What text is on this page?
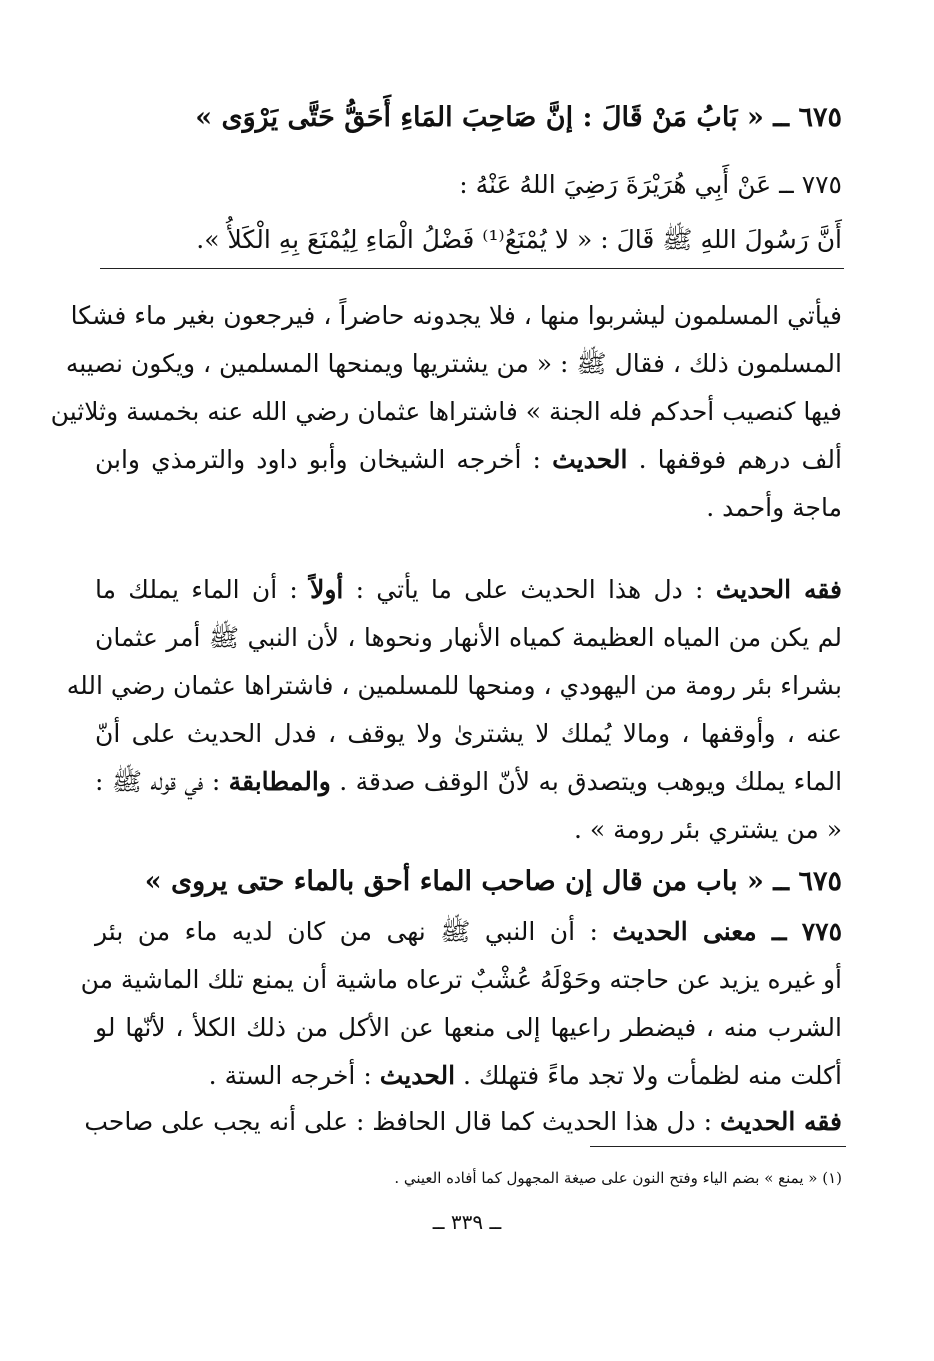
٦٧٥ ــ « بَابُ مَنْ قَالَ : إنَّ صَاحِبَ المَاءِ أَحَقُّ حَتَّى يَرْوَى »
٧٧٥ ــ عَنْ أَبِي هُرَيْرَةَ رَضِيَ اللهُ عَنْهُ :
أَنَّ رَسُولَ اللهِ ﷺ قَالَ : « لا يُمْنَعُ⁽¹⁾ فَضْلُ الْمَاءِ لِيُمْنَعَ بِهِ الْكَلأُ ».
فيأتي المسلمون ليشربوا منها ، فلا يجدونه حاضراً ، فيرجعون بغير ماء فشكا
المسلمون ذلك ، فقال ﷺ : « من يشتريها ويمنحها المسلمين ، ويكون نصيبه
فيها كنصيب أحدكم فله الجنة » فاشتراها عثمان رضي الله عنه بخمسة وثلاثين
ألف درهم فوقفها . الحديث : أخرجه الشيخان وأبو داود والترمذي وابن
ماجة وأحمد .
فقه الحديث : دل هذا الحديث على ما يأتي : أولاً : أن الماء يملك ما
لم يكن من المياه العظيمة كمياه الأنهار ونحوها ، لأن النبي ﷺ أمر عثمان
بشراء بئر رومة من اليهودي ، ومنحها للمسلمين ، فاشتراها عثمان رضي الله
عنه ، وأوقفها ، ومالا يُملك لا يشترىٰ ولا يوقف ، فدل الحديث على أنّ
الماء يملك ويوهب ويتصدق به لأنّ الوقف صدقة . والمطابقة : في قوله ﷺ :
« من يشتري بئر رومة » .
٦٧٥ ــ « باب من قال إن صاحب الماء أحق بالماء حتى يروى »
٧٧٥ ــ معنى الحديث : أن النبي ﷺ نهى من كان لديه ماء من بئر
أو غيره يزيد عن حاجته وحَوْلَهُ عُشْبٌ ترعاه ماشية أن يمنع تلك الماشية من
الشرب منه ، فيضطر راعيها إلى منعها عن الأكل من ذلك الكلأ ، لأنّها لو
أكلت منه لظمأت ولا تجد ماءً فتهلك . الحديث : أخرجه الستة .
فقه الحديث : دل هذا الحديث كما قال الحافظ : على أنه يجب على صاحب
(١) « يمنع » بضم الياء وفتح النون على صيغة المجهول كما أفاده العيني .
ــ ٣٣٩ ــ
